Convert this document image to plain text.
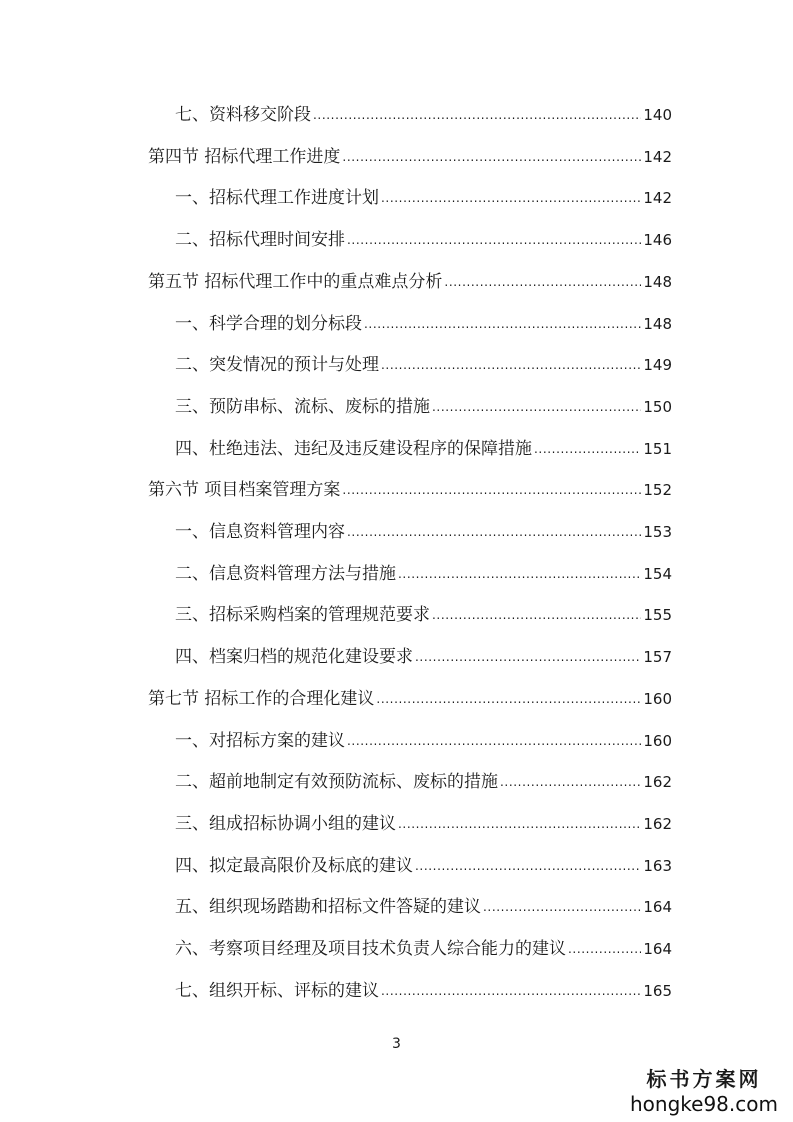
七、资料移交阶段 .....	140
第四节 招标代理工作进度 .....	142
一、招标代理工作进度计划 .....	142
二、招标代理时间安排 .....	146
第五节 招标代理工作中的重点难点分析 .....	148
一、科学合理的划分标段 .....	148
二、突发情况的预计与处理 .....	149
三、预防串标、流标、废标的措施 .....	150
四、杜绝违法、违纪及违反建设程序的保障措施 .....	151
第六节 项目档案管理方案 .....	152
一、信息资料管理内容 .....	153
二、信息资料管理方法与措施 .....	154
三、招标采购档案的管理规范要求 .....	155
四、档案归档的规范化建设要求 .....	157
第七节 招标工作的合理化建议 .....	160
一、对招标方案的建议 .....	160
二、超前地制定有效预防流标、废标的措施 .....	162
三、组成招标协调小组的建议 .....	162
四、拟定最高限价及标底的建议 .....	163
五、组织现场踏勘和招标文件答疑的建议 .....	164
六、考察项目经理及项目技术负责人综合能力的建议 .....	164
七、组织开标、评标的建议 .....	165
3
标书方案网
hongke98.com
